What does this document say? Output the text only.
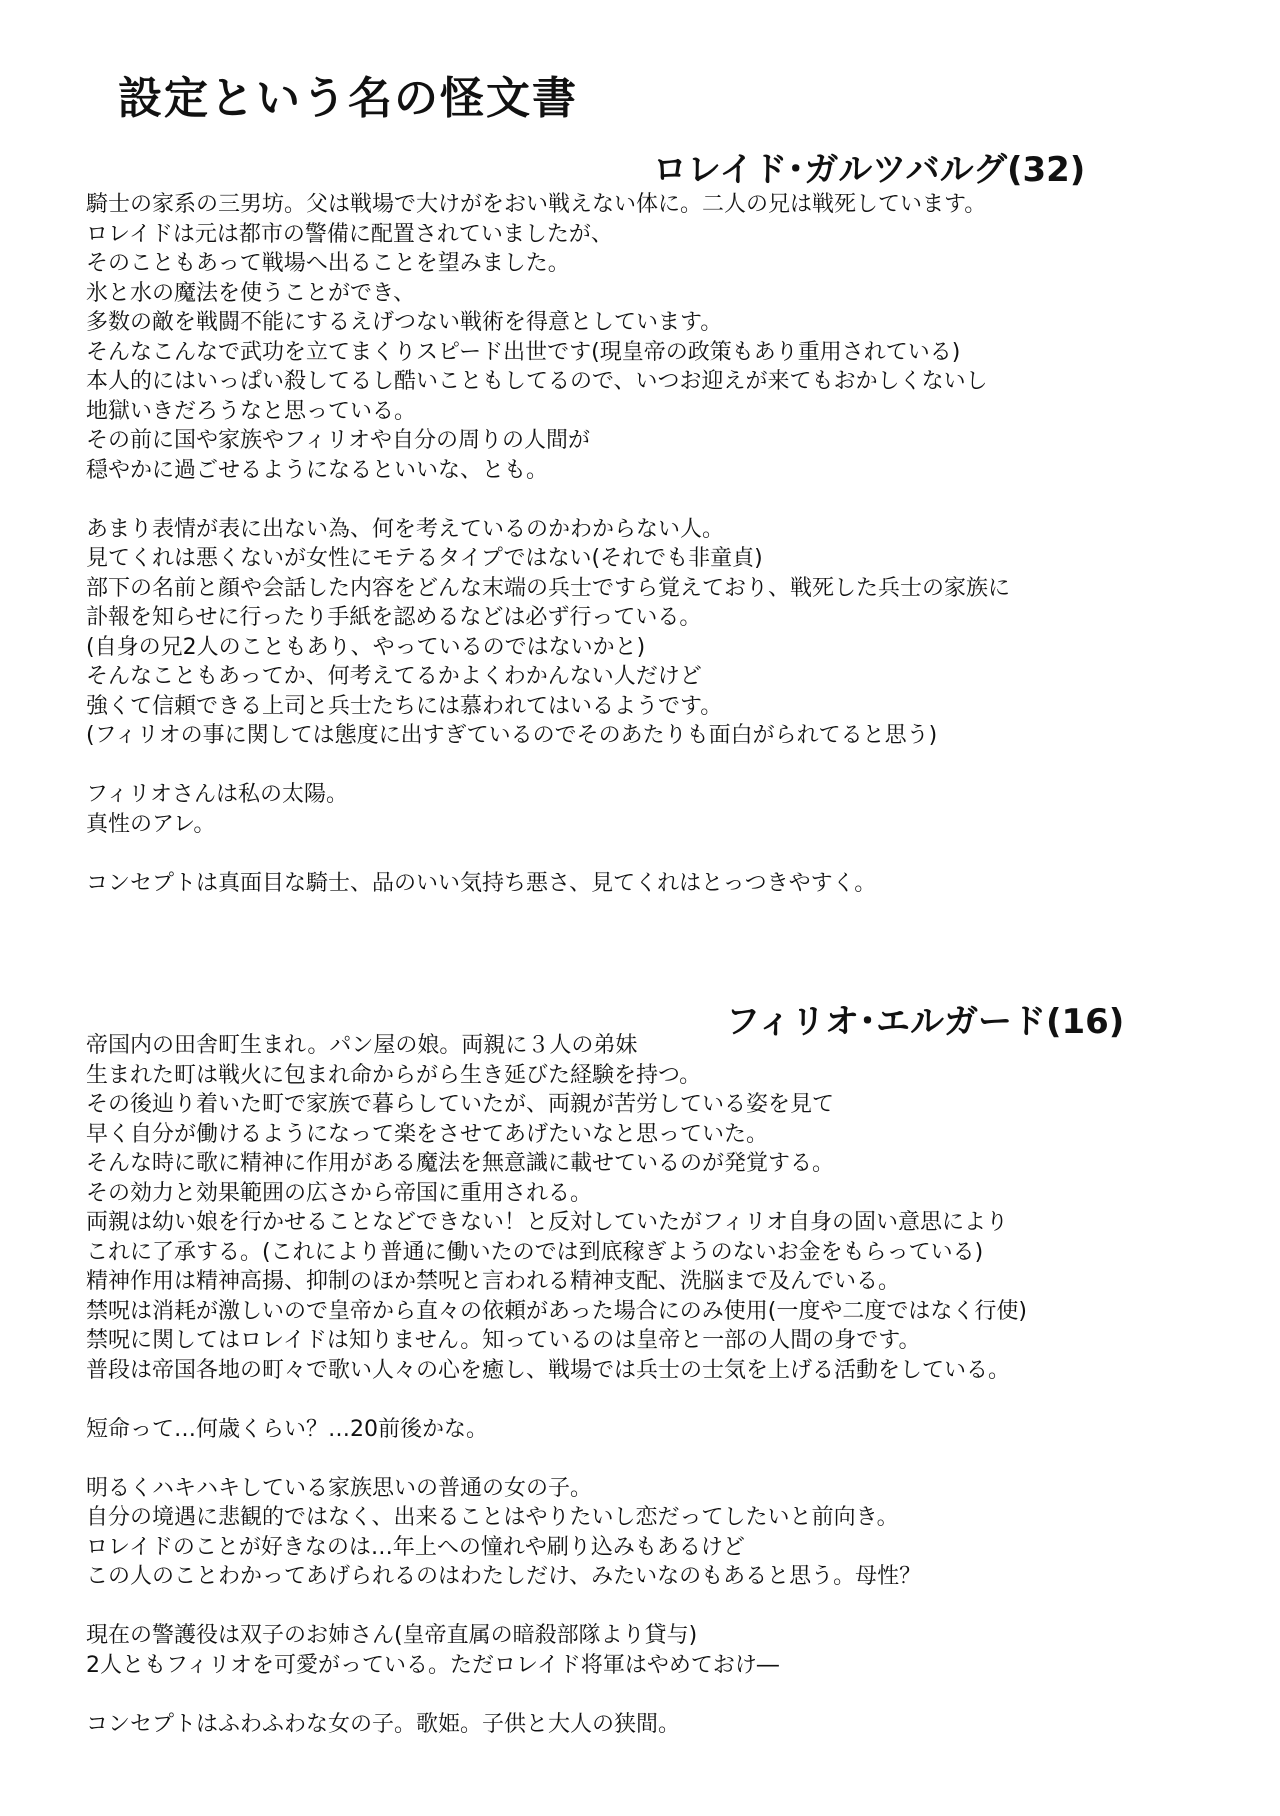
設定という名の怪文書
ロレイド･ガルツバルグ(32)
騎士の家系の三男坊。父は戦場で大けがをおい戦えない体に。二人の兄は戦死しています。
ロレイドは元は都市の警備に配置されていましたが、
そのこともあって戦場へ出ることを望みました。
氷と水の魔法を使うことができ、
多数の敵を戦闘不能にするえげつない戦術を得意としています。
そんなこんなで武功を立てまくりスピード出世です(現皇帝の政策もあり重用されている)
本人的にはいっぱい殺してるし酷いこともしてるので、いつお迎えが来てもおかしくないし
地獄いきだろうなと思っている。
その前に国や家族やフィリオや自分の周りの人間が
穏やかに過ごせるようになるといいな、とも。
あまり表情が表に出ない為、何を考えているのかわからない人。
見てくれは悪くないが女性にモテるタイプではない(それでも非童貞)
部下の名前と顔や会話した内容をどんな末端の兵士ですら覚えており、戦死した兵士の家族に
訃報を知らせに行ったり手紙を認めるなどは必ず行っている。
(自身の兄2人のこともあり、やっているのではないかと)
そんなこともあってか、何考えてるかよくわかんない人だけど
強くて信頼できる上司と兵士たちには慕われてはいるようです。
(フィリオの事に関しては態度に出すぎているのでそのあたりも面白がられてると思う)
フィリオさんは私の太陽。
真性のアレ。
コンセプトは真面目な騎士、品のいい気持ち悪さ、見てくれはとっつきやすく。
フィリオ･エルガード(16)
帝国内の田舎町生まれ。パン屋の娘。両親に３人の弟妹
生まれた町は戦火に包まれ命からがら生き延びた経験を持つ。
その後辿り着いた町で家族で暮らしていたが、両親が苦労している姿を見て
早く自分が働けるようになって楽をさせてあげたいなと思っていた。
そんな時に歌に精神に作用がある魔法を無意識に載せているのが発覚する。
その効力と効果範囲の広さから帝国に重用される。
両親は幼い娘を行かせることなどできない！と反対していたがフィリオ自身の固い意思により
これに了承する。(これにより普通に働いたのでは到底稼ぎようのないお金をもらっている)
精神作用は精神高揚、抑制のほか禁呪と言われる精神支配、洗脳まで及んでいる。
禁呪は消耗が激しいので皇帝から直々の依頼があった場合にのみ使用(一度や二度ではなく行使)
禁呪に関してはロレイドは知りません。知っているのは皇帝と一部の人間の身です。
普段は帝国各地の町々で歌い人々の心を癒し、戦場では兵士の士気を上げる活動をしている。
短命って…何歳くらい？…20前後かな。
明るくハキハキしている家族思いの普通の女の子。
自分の境遇に悲観的ではなく、出来ることはやりたいし恋だってしたいと前向き。
ロレイドのことが好きなのは…年上への憧れや刷り込みもあるけど
この人のことわかってあげられるのはわたしだけ、みたいなのもあると思う。母性？
現在の警護役は双子のお姉さん(皇帝直属の暗殺部隊より貸与)
2人ともフィリオを可愛がっている。ただロレイド将軍はやめておけ―
コンセプトはふわふわな女の子。歌姫。子供と大人の狭間。
